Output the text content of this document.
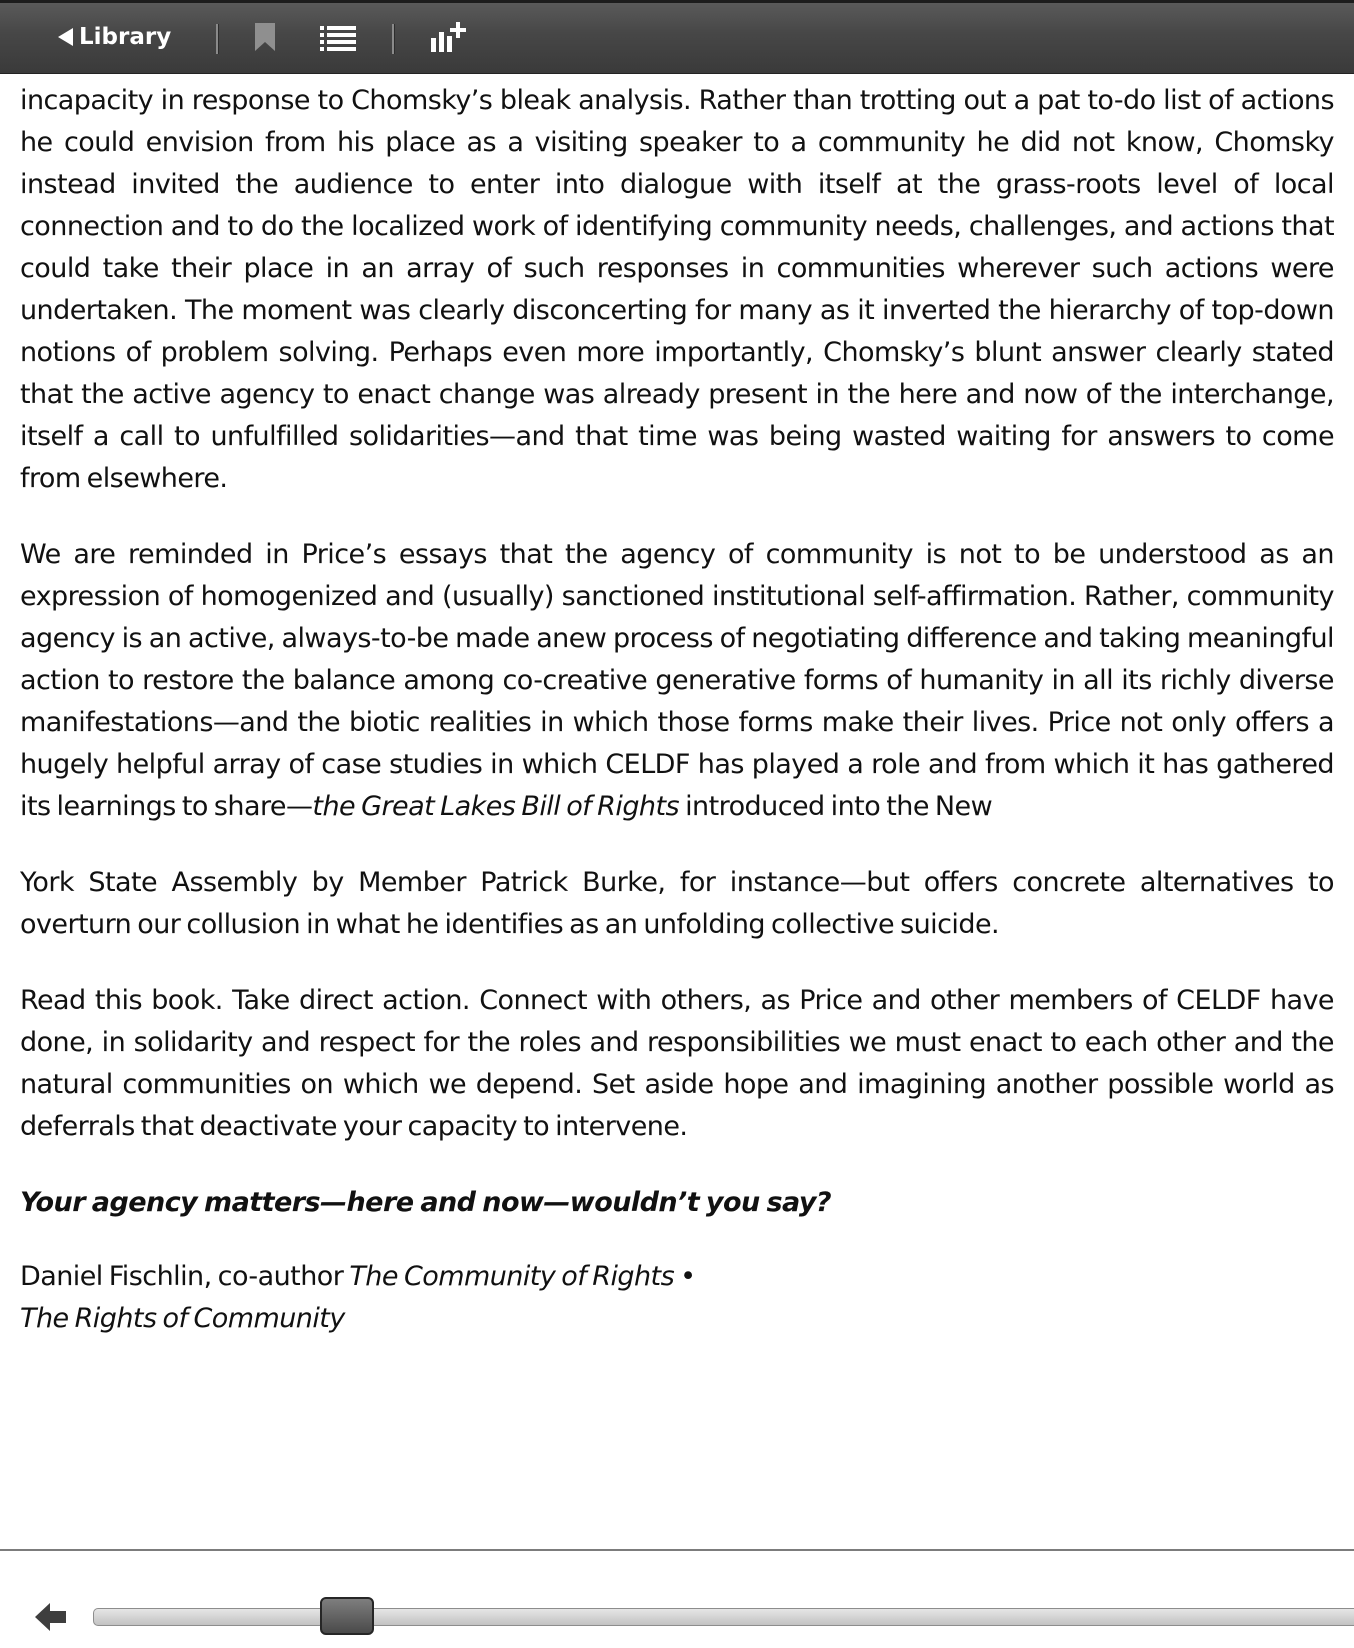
Library

incapacity in response to Chomsky’s bleak analysis. Rather than trotting out a pat to-do list of actions he could envision from his place as a visiting speaker to a community he did not know, Chomsky instead invited the audience to enter into dialogue with itself at the grass-roots level of local connection and to do the localized work of identifying community needs, challenges, and actions that could take their place in an array of such responses in communities wherever such actions were undertaken. The moment was clearly disconcerting for many as it inverted the hierarchy of top-down notions of problem solving. Perhaps even more importantly, Chomsky’s blunt answer clearly stated that the active agency to enact change was already present in the here and now of the interchange, itself a call to unfulfilled solidarities—and that time was being wasted waiting for answers to come from elsewhere.

We are reminded in Price’s essays that the agency of community is not to be understood as an expression of homogenized and (usually) sanctioned institutional self-affirmation. Rather, community agency is an active, always-to-be made anew process of negotiating difference and taking meaningful action to restore the balance among co-creative generative forms of humanity in all its richly diverse manifestations—and the biotic realities in which those forms make their lives. Price not only offers a hugely helpful array of case studies in which CELDF has played a role and from which it has gathered its learnings to share—the Great Lakes Bill of Rights introduced into the New

York State Assembly by Member Patrick Burke, for instance—but offers concrete alternatives to overturn our collusion in what he identifies as an unfolding collective suicide.

Read this book. Take direct action. Connect with others, as Price and other members of CELDF have done, in solidarity and respect for the roles and responsibilities we must enact to each other and the natural communities on which we depend. Set aside hope and imagining another possible world as deferrals that deactivate your capacity to intervene.

Your agency matters—here and now—wouldn’t you say?

Daniel Fischlin, co-author The Community of Rights •
The Rights of Community
